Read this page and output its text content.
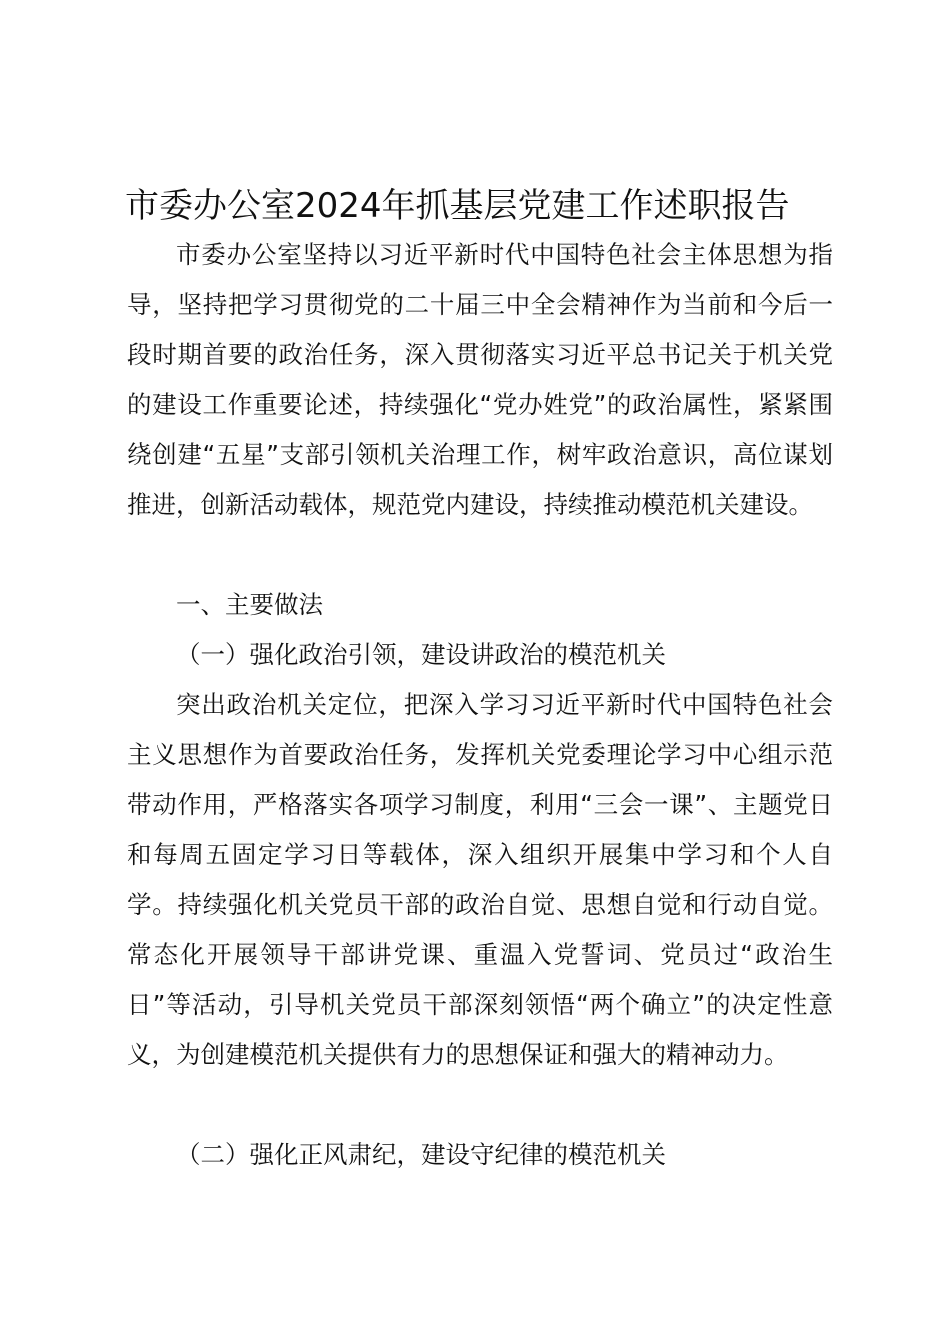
市委办公室2024年抓基层党建工作述职报告

市委办公室坚持以习近平新时代中国特色社会主体思想为指导，坚持把学习贯彻党的二十届三中全会精神作为当前和今后一段时期首要的政治任务，深入贯彻落实习近平总书记关于机关党的建设工作重要论述，持续强化“党办姓党”的政治属性，紧紧围绕创建“五星”支部引领机关治理工作，树牢政治意识，高位谋划推进，创新活动载体，规范党内建设，持续推动模范机关建设。

一、主要做法

（一）强化政治引领，建设讲政治的模范机关

突出政治机关定位，把深入学习习近平新时代中国特色社会主义思想作为首要政治任务，发挥机关党委理论学习中心组示范带动作用，严格落实各项学习制度，利用“三会一课”、主题党日和每周五固定学习日等载体，深入组织开展集中学习和个人自学。持续强化机关党员干部的政治自觉、思想自觉和行动自觉。常态化开展领导干部讲党课、重温入党誓词、党员过“政治生日”等活动，引导机关党员干部深刻领悟“两个确立”的决定性意义，为创建模范机关提供有力的思想保证和强大的精神动力。

（二）强化正风肃纪，建设守纪律的模范机关
